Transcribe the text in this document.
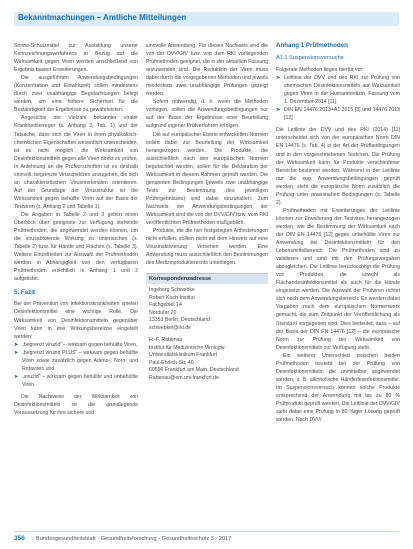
Bekanntmachungen – Amtliche Mitteilungen

Sonne-Schutzmittel zur Ausbildung unserer Kennzeichnungsverfahrens in Bezug auf die Wirksamkeit gegen Viren werden anschließend von Ergebnis basiert Erweiterungen.

Die ausgeführten Anwendungsbedingungen (Konzentration und Einwirkzeit) sollen mindestens durch zwei unabhängige Begutachtungen belegt werden, um eine höhere Sicherheit für die Beständigkeit der Ergebnisse zu gewährleisten.

Angesichts der Vielzahl bekannter viraler Krankheitserreger (s. Anhang 3, Tab. 1) und der Tatsache, dass sich die Viren in ihren physikalisch-chemischen Eigenschaften wesentlich unterscheiden, ist es nicht möglich, die Wirksamkeit von Desinfektionsmitteln gegen alle Viren direkt zu prüfen. In Anlehnung an die Prüfvorschriften ist es deshalb sinnvoll, begrenzte Virusspektren anzugeben, die sich an charakteristischen Virusmerkmalen orientieren. Auf der Grundlage der Virusstruktur ist die Wirksamkeit gegen behüllte Viren auf der Basis der Testviren (s. Anhang 2 und Tabelle 1).

Die Angaben in Tabelle 2 und 3 geben einen Überblick über geeignete zur Verfügung stehende Prüfmethoden, die angewendet werden können, um die virusabtötende Wirkung zu untersuchen (s. Tabelle 2) bzw. für Hände und Flächen (s. Tabelle 3). Weitere Einzelheiten zur Auswahl der Prüfmethoden werden in Abhängigkeit von den verfügbaren Prüfmethoden ersichtlich in Anhang 1 und 2 aufgelistet.

5. Fazit

Bei der Prävention von Infektionskrankheiten spielen Desinfektionsmittel eine wichtige Rolle. Die Wirksamkeit von Desinfektionsmitteln gegenüber Viren kann in drei Wirkungsbereiche eingeteilt werden:

➤ „begrenzt viruzid“ – wirksam gegen behüllte Viren,
➤ „begrenzt viruzid PLUS“ – wirksam gegen behüllte Viren sowie zusätzlich gegen Adeno-, Noro- und Rotaviren und
➤ „viruzid“ – wirksam gegen behüllte und unbehüllte Viren.

Die Nachweise der Wirksamkeit von Desinfektionsmitteln ist die grundlegende Voraussetzung für ihre sichere und

sinnvolle Anwendung. Für diesen Nachweis sind die von der DVV/GfV bzw. von dem RKI vorliegenden Prüfmethoden geeignet, die in der aktuellen Fassung anzuwenden sind. Die Reduktion der Viren muss dabei durch die vorgegebenen Methoden und jeweils mindestens zwei unabhängige Prüfungen gezeigt werden.

Sofern notwendig, d. h. wenn die Methoden vorliegen, sollen die Anwendungsbedingungen nur auf der Basis der Ergebnisse einer Beurteilung aufgrund eigener Prüfverfahren erfolgen.

Die auf europäischer Ebene entwickelten Normen sollen dabei zur Beurteilung der Wirksamkeit herangezogen werden. Die Produkte, die ausschließlich nach den europäischen Normen begutachtet werden, sollen für die Deklaration der Wirksamkeit in diesem Rahmen geprüft werden. Die genannten Bedingungen (jeweils zwei unabhängige Tests zur Bestimmung des jeweiligen Prüfergebnisses) sind dabei einzuhalten. Zum Nachweis der Anwendungsbedingungen der Wirksamkeit sind die von der DVV/GfV bzw. vom RKI veröffentlichten Prüfmethoden maßgeblich.

Produkte, die die hier festgelegten Anforderungen nicht erfüllen, sollten nicht mit dem Hinweis auf eine Virusinaktivierung versehen werden. Eine Anwendung muss ausschließlich den Bestimmungen des Medizinprodukterechts unterliegen.

Korrespondenzadresse
Ingeborg Schwebke
Robert Koch-Institut
Fachgebiet 14
Nordufer 20
13353 Berlin, Deutschland
schwebkei@rki.de
H.-F. Rabenau
Institut für Medizinische Virologie
Universitätsklinikum Frankfurt
Paul-Ehrlich-Str. 40
60596 Frankfurt am Main, Deutschland
Rabenau@em.uni-frankfurt.de
Anhang 1 Prüfmethoden
A1.1 Suspensionsversuche

Folgende Methoden liegen hierfür vor:

➤ Leitlinie der DVV und des RKI zur Prüfung von chemischen Desinfektionsmitteln auf Wirksamkeit gegen Viren in der Humanmedizin, Fassung vom 1. Dezember 2014 [11]
➤ DIN EN 14476:2013+A1:2015 [3] und 14476:2013 [12]

Die Leitlinie der DVV und des RKI (2014) [11] unterscheidet sich von der europäischen Norm DIN EN 14476 (s. Tab. 4) in der Art der Prüfbedingungen und in den vorgeschriebenen Testviren. Die Prüfung der Wirksamkeit kann für Produkte verschiedener Bereiche bestimmt werden. Während in der Leitlinie nur die sog. Anwendungsbedingungen geprüft werden, sieht die europäische Norm zusätzlich die Prüfung unter praxisnahen Bedingungen (s. Tabelle 2).

Prüfmethoden mit Erweiterungen der Leitlinie können zur Erweiterung der Testviren herangezogen werden, wie die Bestimmung der Wirksamkeit nach der DIN EN 14476 [12] gegen unbehüllte Viren zur Anwendung bei Desinfektionsmitteln für den Lebensmittelbereich. Die Prüfmethoden sind zu validieren und sind mit den Prüfungsvorgaben abzugleichen. Die Leitlinie berücksichtigt die Prüfung von Produkten, die sowohl als Flächendesinfektionsmittel als auch für die Hände eingesetzt werden. Die Auswahl der Prüfviren richtet sich nach dem Anwendungsbereich. Es werden dabei Vorgaben nach dem europäischen Normenwerk gemacht, die zum Zeitpunkt der Veröffentlichung als Standard vorgegeben sind. Dies bedeutet, dass – auf der Basis der DIN EN 14476 [12] – die europäische Norm zur Prüfung der Wirksamkeit von Desinfektionsmitteln zur Verfügung steht.

Ein weiterer Unterschied zwischen beiden Prüfmethoden besteht bei der Prüfung von Desinfektionsmitteln, die unmittelbar angewendet werden, z. B. alkoholische Händedesinfektionsmittel. Im Suspensionsversuch können solche Produkte entsprechend der Anwendung mit bis zu 80 % Prüfprodukt geprüft werden. Die Leitlinie der DVV/GfV sieht dabei eine Prüfung in 80 %iger Lösung geprüft werden. Nach DVV/

356 Bundesgesundheitsblatt - Gesundheitsforschung - Gesundheitsschutz 3 · 2017
